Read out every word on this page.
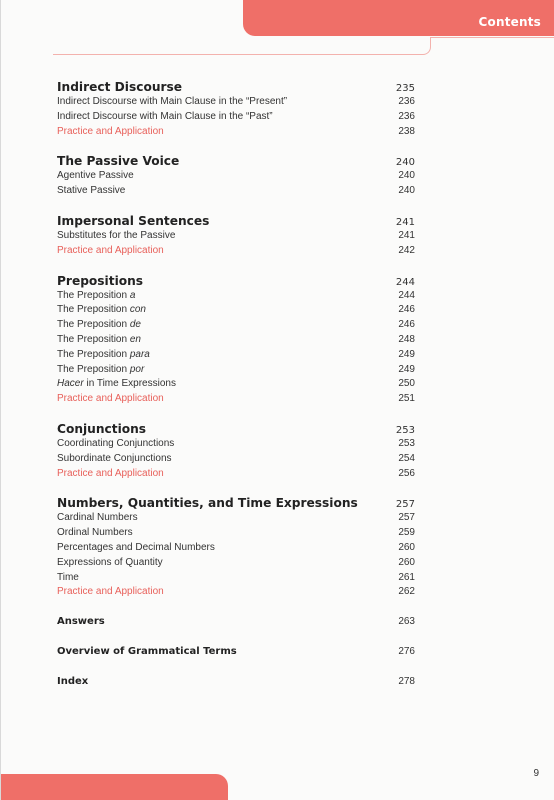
Contents
Indirect Discourse	235
Indirect Discourse with Main Clause in the “Present”	236
Indirect Discourse with Main Clause in the “Past”	236
Practice and Application	238
The Passive Voice	240
Agentive Passive	240
Stative Passive	240
Impersonal Sentences	241
Substitutes for the Passive	241
Practice and Application	242
Prepositions	244
The Preposition a	244
The Preposition con	246
The Preposition de	246
The Preposition en	248
The Preposition para	249
The Preposition por	249
Hacer in Time Expressions	250
Practice and Application	251
Conjunctions	253
Coordinating Conjunctions	253
Subordinate Conjunctions	254
Practice and Application	256
Numbers, Quantities, and Time Expressions	257
Cardinal Numbers	257
Ordinal Numbers	259
Percentages and Decimal Numbers	260
Expressions of Quantity	260
Time	261
Practice and Application	262
Answers	263
Overview of Grammatical Terms	276
Index	278
9
